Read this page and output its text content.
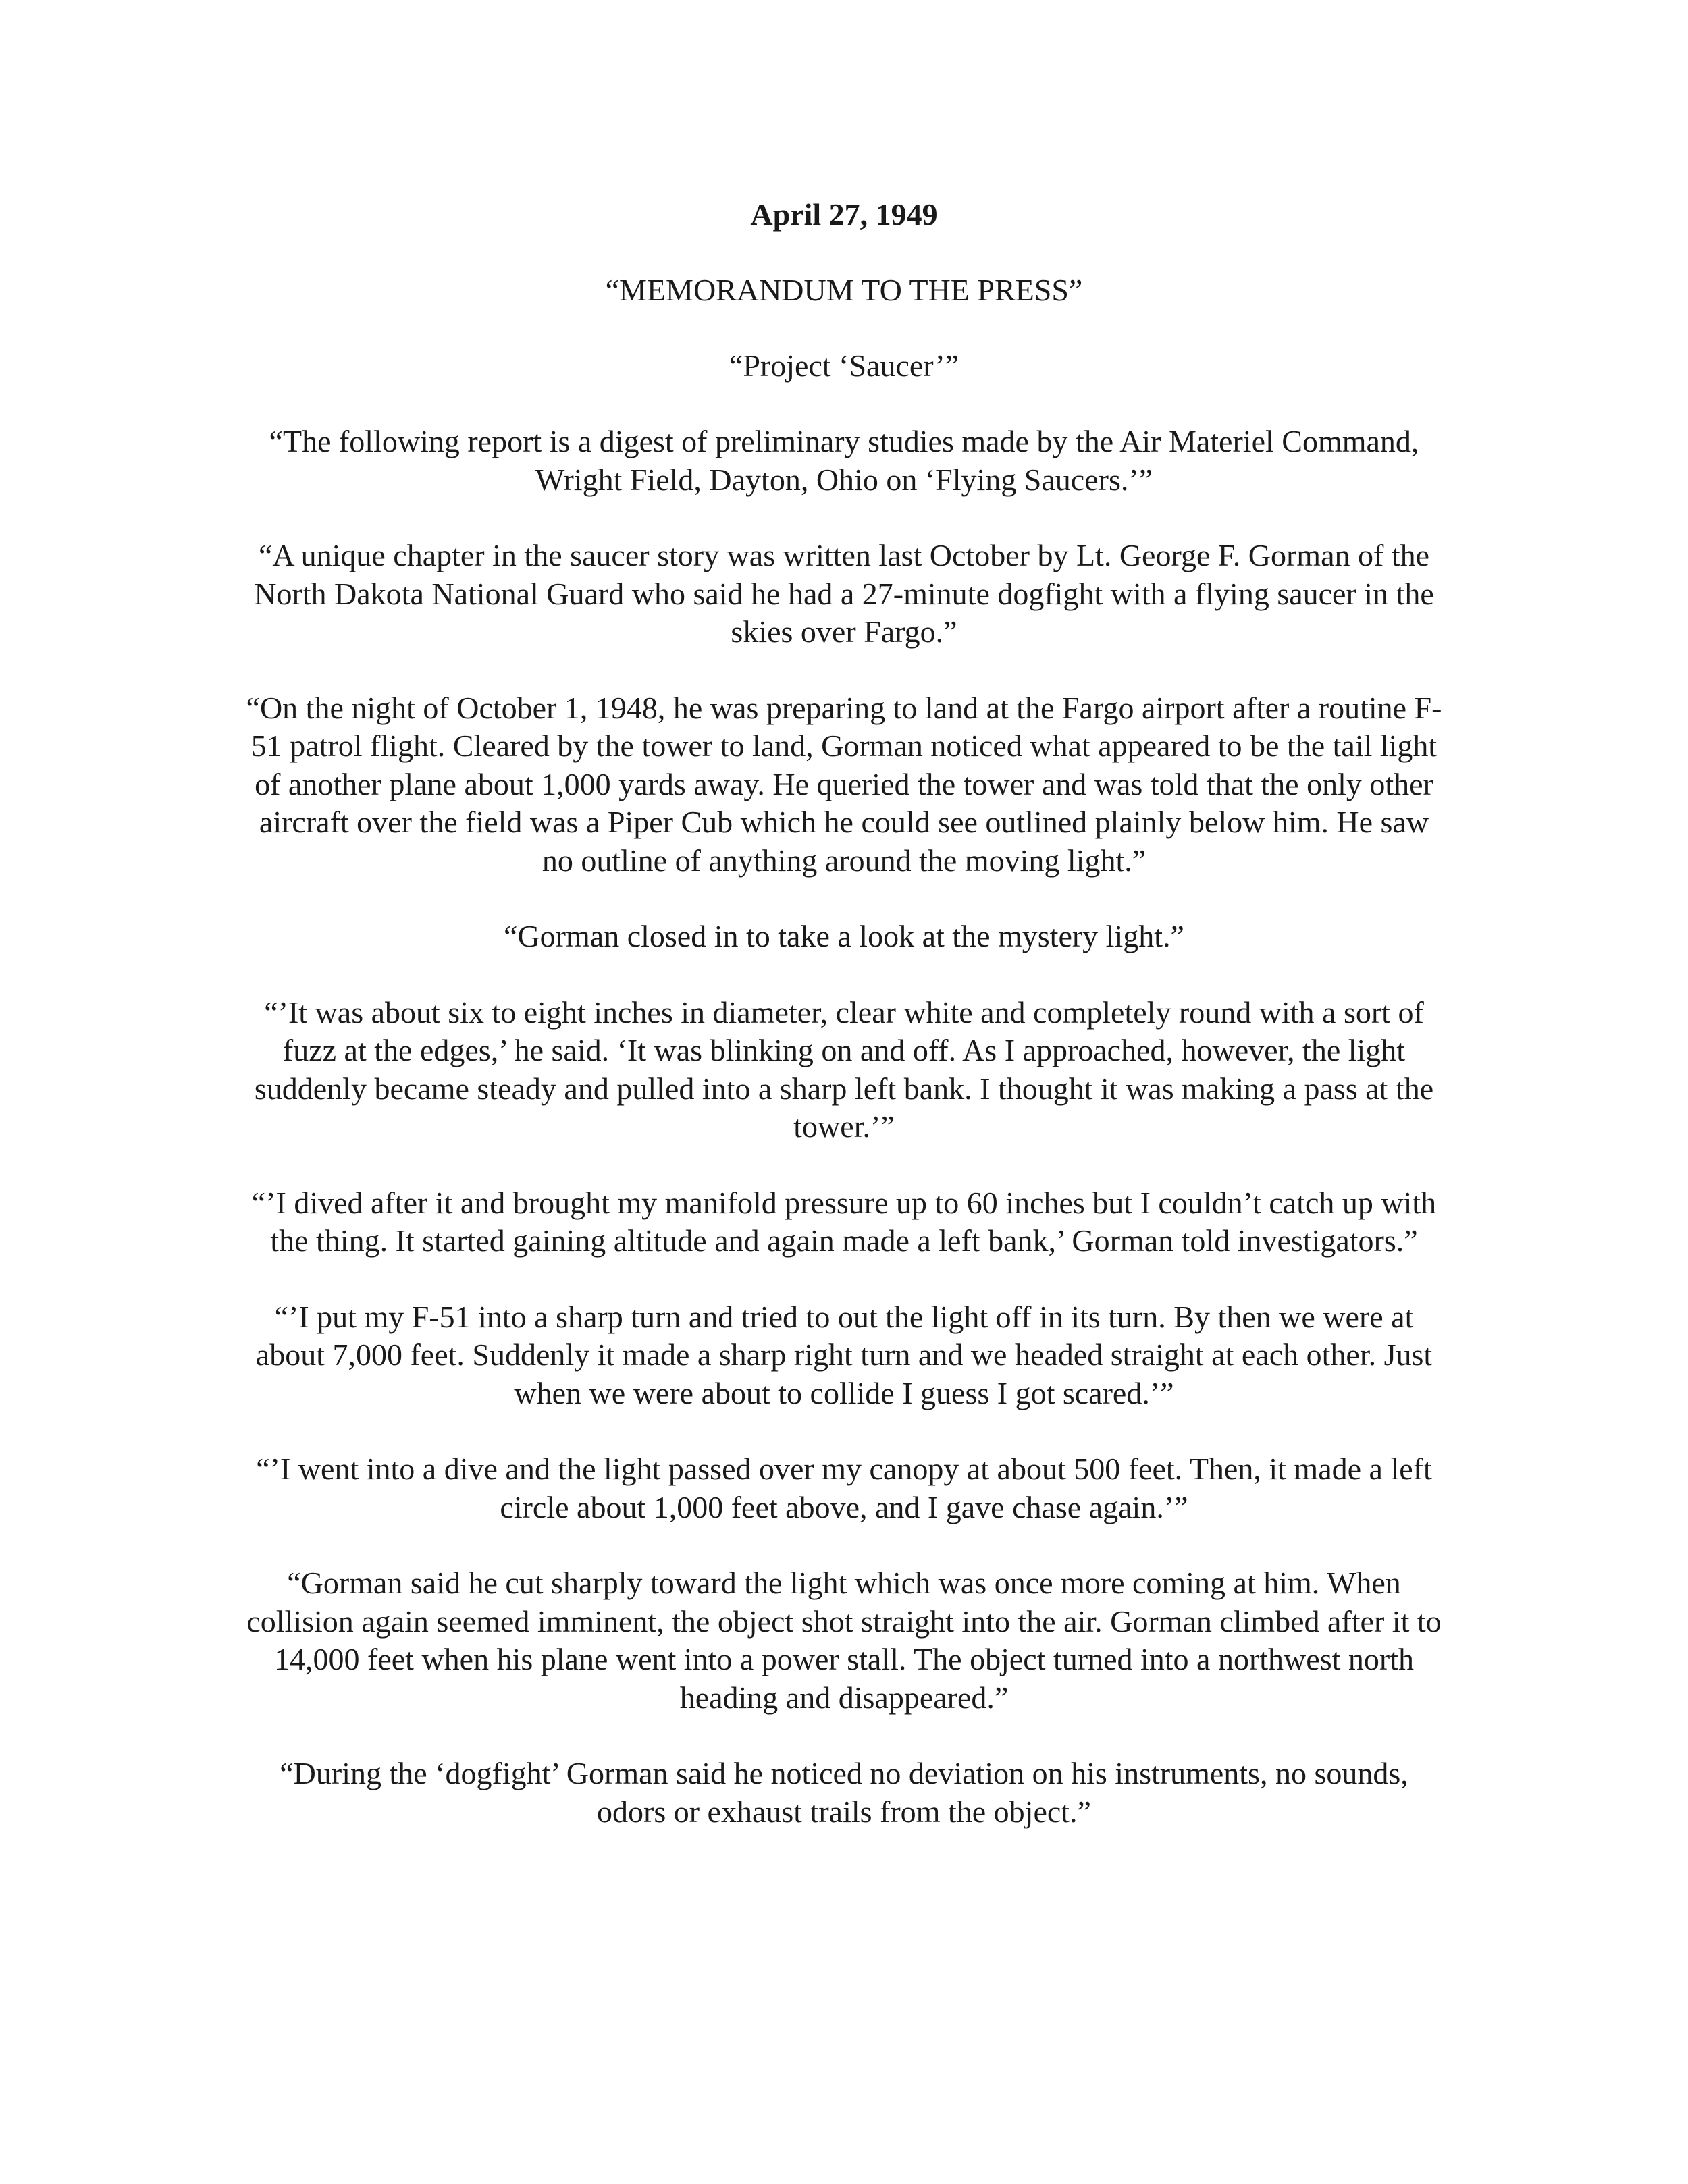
April 27, 1949
“MEMORANDUM TO THE PRESS”
“Project ‘Saucer’”

“The following report is a digest of preliminary studies made by the Air Materiel Command, Wright Field, Dayton, Ohio on ‘Flying Saucers.’”

“A unique chapter in the saucer story was written last October by Lt. George F. Gorman of the North Dakota National Guard who said he had a 27-minute dogfight with a flying saucer in the skies over Fargo.”

“On the night of October 1, 1948, he was preparing to land at the Fargo airport after a routine F-51 patrol flight. Cleared by the tower to land, Gorman noticed what appeared to be the tail light of another plane about 1,000 yards away. He queried the tower and was told that the only other aircraft over the field was a Piper Cub which he could see outlined plainly below him. He saw no outline of anything around the moving light.”

“Gorman closed in to take a look at the mystery light.”

“’It was about six to eight inches in diameter, clear white and completely round with a sort of fuzz at the edges,’ he said. ‘It was blinking on and off. As I approached, however, the light suddenly became steady and pulled into a sharp left bank. I thought it was making a pass at the tower.’”

“’I dived after it and brought my manifold pressure up to 60 inches but I couldn’t catch up with the thing. It started gaining altitude and again made a left bank,’ Gorman told investigators.”

“’I put my F-51 into a sharp turn and tried to out the light off in its turn. By then we were at about 7,000 feet. Suddenly it made a sharp right turn and we headed straight at each other. Just when we were about to collide I guess I got scared.’”

“’I went into a dive and the light passed over my canopy at about 500 feet. Then, it made a left circle about 1,000 feet above, and I gave chase again.’”

“Gorman said he cut sharply toward the light which was once more coming at him. When collision again seemed imminent, the object shot straight into the air. Gorman climbed after it to 14,000 feet when his plane went into a power stall. The object turned into a northwest north heading and disappeared.”

“During the ‘dogfight’ Gorman said he noticed no deviation on his instruments, no sounds, odors or exhaust trails from the object.”
